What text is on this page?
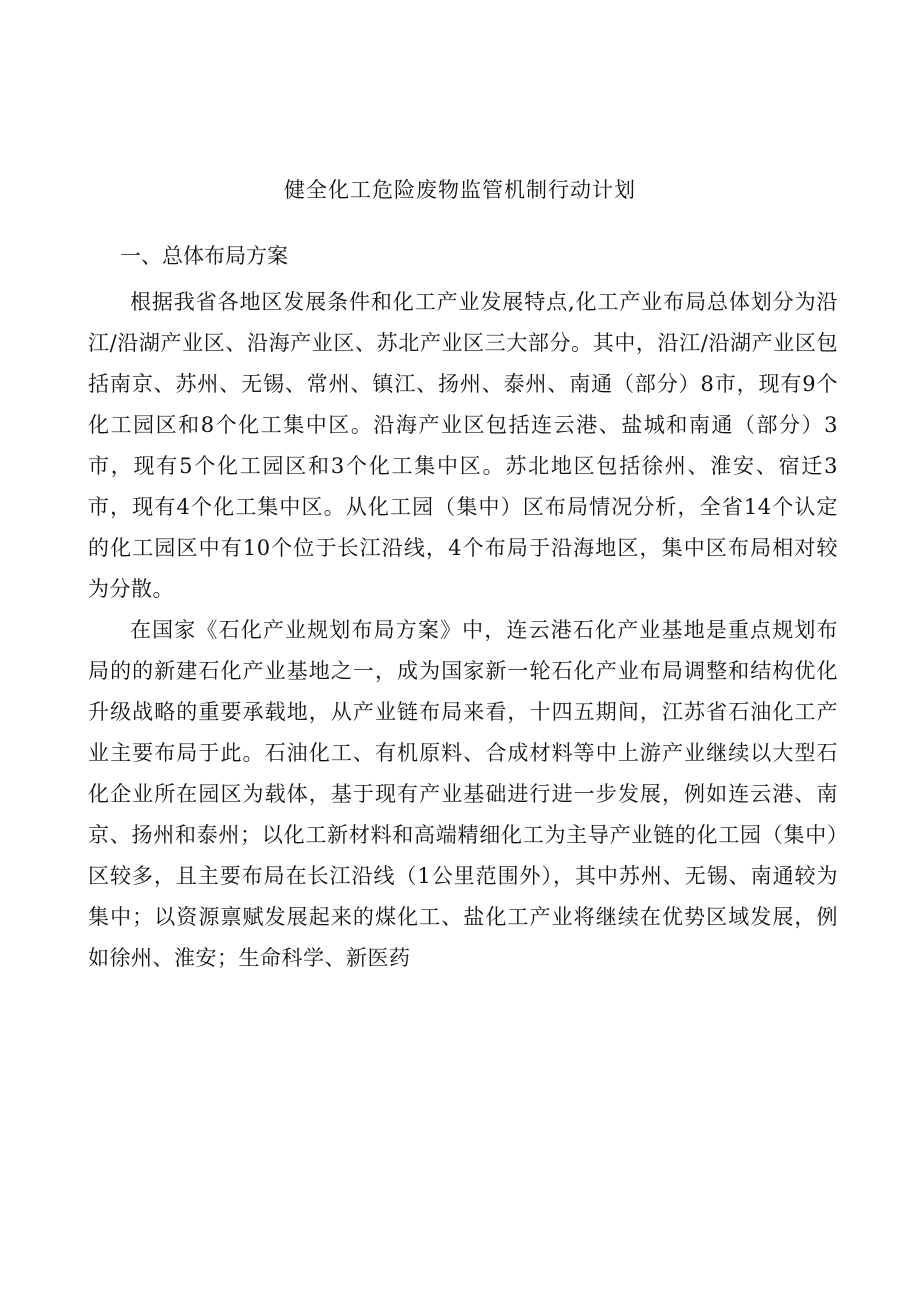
健全化工危险废物监管机制行动计划
一、总体布局方案

根据我省各地区发展条件和化工产业发展特点,化工产业布局总体划分为沿江/沿湖产业区、沿海产业区、苏北产业区三大部分。其中，沿江/沿湖产业区包括南京、苏州、无锡、常州、镇江、扬州、泰州、南通（部分）8市，现有9个化工园区和8个化工集中区。沿海产业区包括连云港、盐城和南通（部分）3市，现有5个化工园区和3个化工集中区。苏北地区包括徐州、淮安、宿迁3市，现有4个化工集中区。从化工园（集中）区布局情况分析，全省14个认定的化工园区中有10个位于长江沿线，4个布局于沿海地区，集中区布局相对较为分散。

在国家《石化产业规划布局方案》中，连云港石化产业基地是重点规划布局的的新建石化产业基地之一，成为国家新一轮石化产业布局调整和结构优化升级战略的重要承载地，从产业链布局来看，十四五期间，江苏省石油化工产业主要布局于此。石油化工、有机原料、合成材料等中上游产业继续以大型石化企业所在园区为载体，基于现有产业基础进行进一步发展，例如连云港、南京、扬州和泰州；以化工新材料和高端精细化工为主导产业链的化工园（集中）区较多，且主要布局在长江沿线（1公里范围外），其中苏州、无锡、南通较为集中；以资源禀赋发展起来的煤化工、盐化工产业将继续在优势区域发展，例如徐州、淮安；生命科学、新医药
